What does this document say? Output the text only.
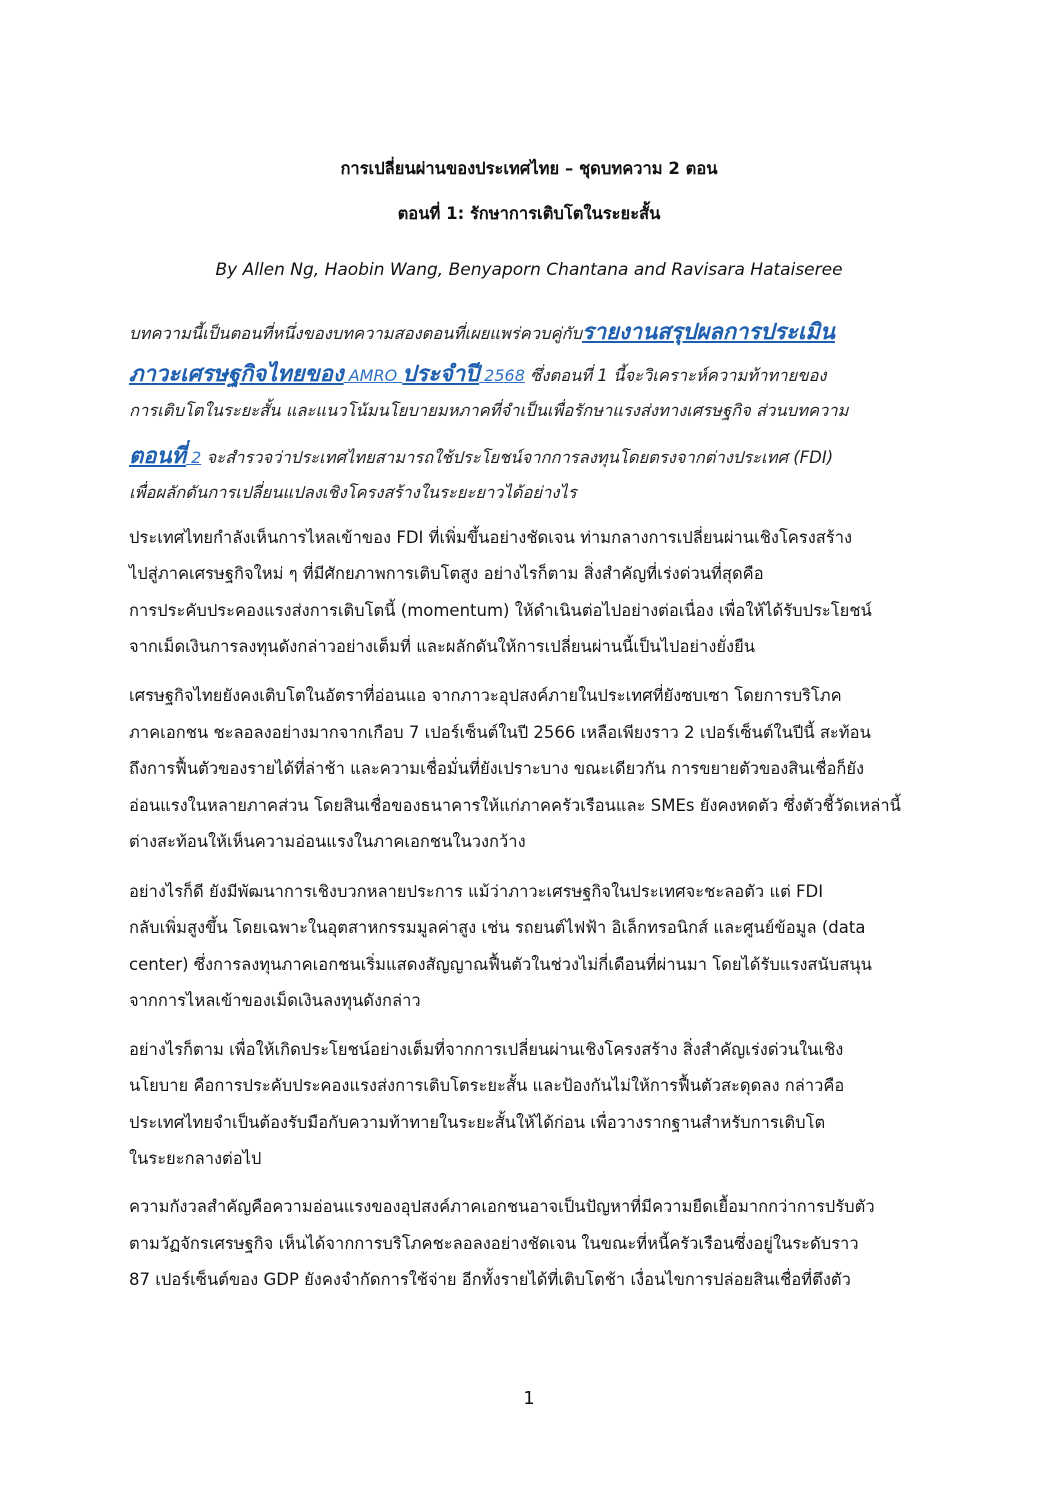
การเปลี่ยนผ่านของประเทศไทย – ชุดบทความ 2 ตอน
ตอนที่ 1: รักษาการเติบโตในระยะสั้น
By Allen Ng, Haobin Wang, Benyaporn Chantana and Ravisara Hataiseree
บทความนี้เป็นตอนที่หนึ่งของบทความสองตอนที่เผยแพร่ควบคู่กับรายงานสรุปผลการประเมิน
ภาวะเศรษฐกิจไทยของ AMRO ประจำปี 2568 ซึ่งตอนที่ 1 นี้จะวิเคราะห์ความท้าทายของ
การเติบโตในระยะสั้น และแนวโน้มนโยบายมหภาคที่จำเป็นเพื่อรักษาแรงส่งทางเศรษฐกิจ ส่วนบทความ
ตอนที่ 2 จะสำรวจว่าประเทศไทยสามารถใช้ประโยชน์จากการลงทุนโดยตรงจากต่างประเทศ (FDI)
เพื่อผลักดันการเปลี่ยนแปลงเชิงโครงสร้างในระยะยาวได้อย่างไร
ประเทศไทยกำลังเห็นการไหลเข้าของ FDI ที่เพิ่มขึ้นอย่างชัดเจน ท่ามกลางการเปลี่ยนผ่านเชิงโครงสร้าง
ไปสู่ภาคเศรษฐกิจใหม่ ๆ ที่มีศักยภาพการเติบโตสูง อย่างไรก็ตาม สิ่งสำคัญที่เร่งด่วนที่สุดคือ
การประคับประคองแรงส่งการเติบโตนี้ (momentum) ให้ดำเนินต่อไปอย่างต่อเนื่อง เพื่อให้ได้รับประโยชน์
จากเม็ดเงินการลงทุนดังกล่าวอย่างเต็มที่ และผลักดันให้การเปลี่ยนผ่านนี้เป็นไปอย่างยั่งยืน
เศรษฐกิจไทยยังคงเติบโตในอัตราที่อ่อนแอ จากภาวะอุปสงค์ภายในประเทศที่ยังซบเซา โดยการบริโภค
ภาคเอกชน ชะลอลงอย่างมากจากเกือบ 7 เปอร์เซ็นต์ในปี 2566 เหลือเพียงราว 2 เปอร์เซ็นต์ในปีนี้ สะท้อน
ถึงการฟื้นตัวของรายได้ที่ล่าช้า และความเชื่อมั่นที่ยังเปราะบาง ขณะเดียวกัน การขยายตัวของสินเชื่อก็ยัง
อ่อนแรงในหลายภาคส่วน โดยสินเชื่อของธนาคารให้แก่ภาคครัวเรือนและ SMEs ยังคงหดตัว ซึ่งตัวชี้วัดเหล่านี้
ต่างสะท้อนให้เห็นความอ่อนแรงในภาคเอกชนในวงกว้าง
อย่างไรก็ดี ยังมีพัฒนาการเชิงบวกหลายประการ แม้ว่าภาวะเศรษฐกิจในประเทศจะชะลอตัว แต่ FDI
กลับเพิ่มสูงขึ้น โดยเฉพาะในอุตสาหกรรมมูลค่าสูง เช่น รถยนต์ไฟฟ้า อิเล็กทรอนิกส์ และศูนย์ข้อมูล (data
center) ซึ่งการลงทุนภาคเอกชนเริ่มแสดงสัญญาณฟื้นตัวในช่วงไม่กี่เดือนที่ผ่านมา โดยได้รับแรงสนับสนุน
จากการไหลเข้าของเม็ดเงินลงทุนดังกล่าว
อย่างไรก็ตาม เพื่อให้เกิดประโยชน์อย่างเต็มที่จากการเปลี่ยนผ่านเชิงโครงสร้าง สิ่งสำคัญเร่งด่วนในเชิง
นโยบาย คือการประคับประคองแรงส่งการเติบโตระยะสั้น และป้องกันไม่ให้การฟื้นตัวสะดุดลง กล่าวคือ
ประเทศไทยจำเป็นต้องรับมือกับความท้าทายในระยะสั้นให้ได้ก่อน เพื่อวางรากฐานสำหรับการเติบโต
ในระยะกลางต่อไป
ความกังวลสำคัญคือความอ่อนแรงของอุปสงค์ภาคเอกชนอาจเป็นปัญหาที่มีความยืดเยื้อมากกว่าการปรับตัว
ตามวัฏจักรเศรษฐกิจ เห็นได้จากการบริโภคชะลอลงอย่างชัดเจน ในขณะที่หนี้ครัวเรือนซึ่งอยู่ในระดับราว
87 เปอร์เซ็นต์ของ GDP ยังคงจำกัดการใช้จ่าย อีกทั้งรายได้ที่เติบโตช้า เงื่อนไขการปล่อยสินเชื่อที่ตึงตัว
1
